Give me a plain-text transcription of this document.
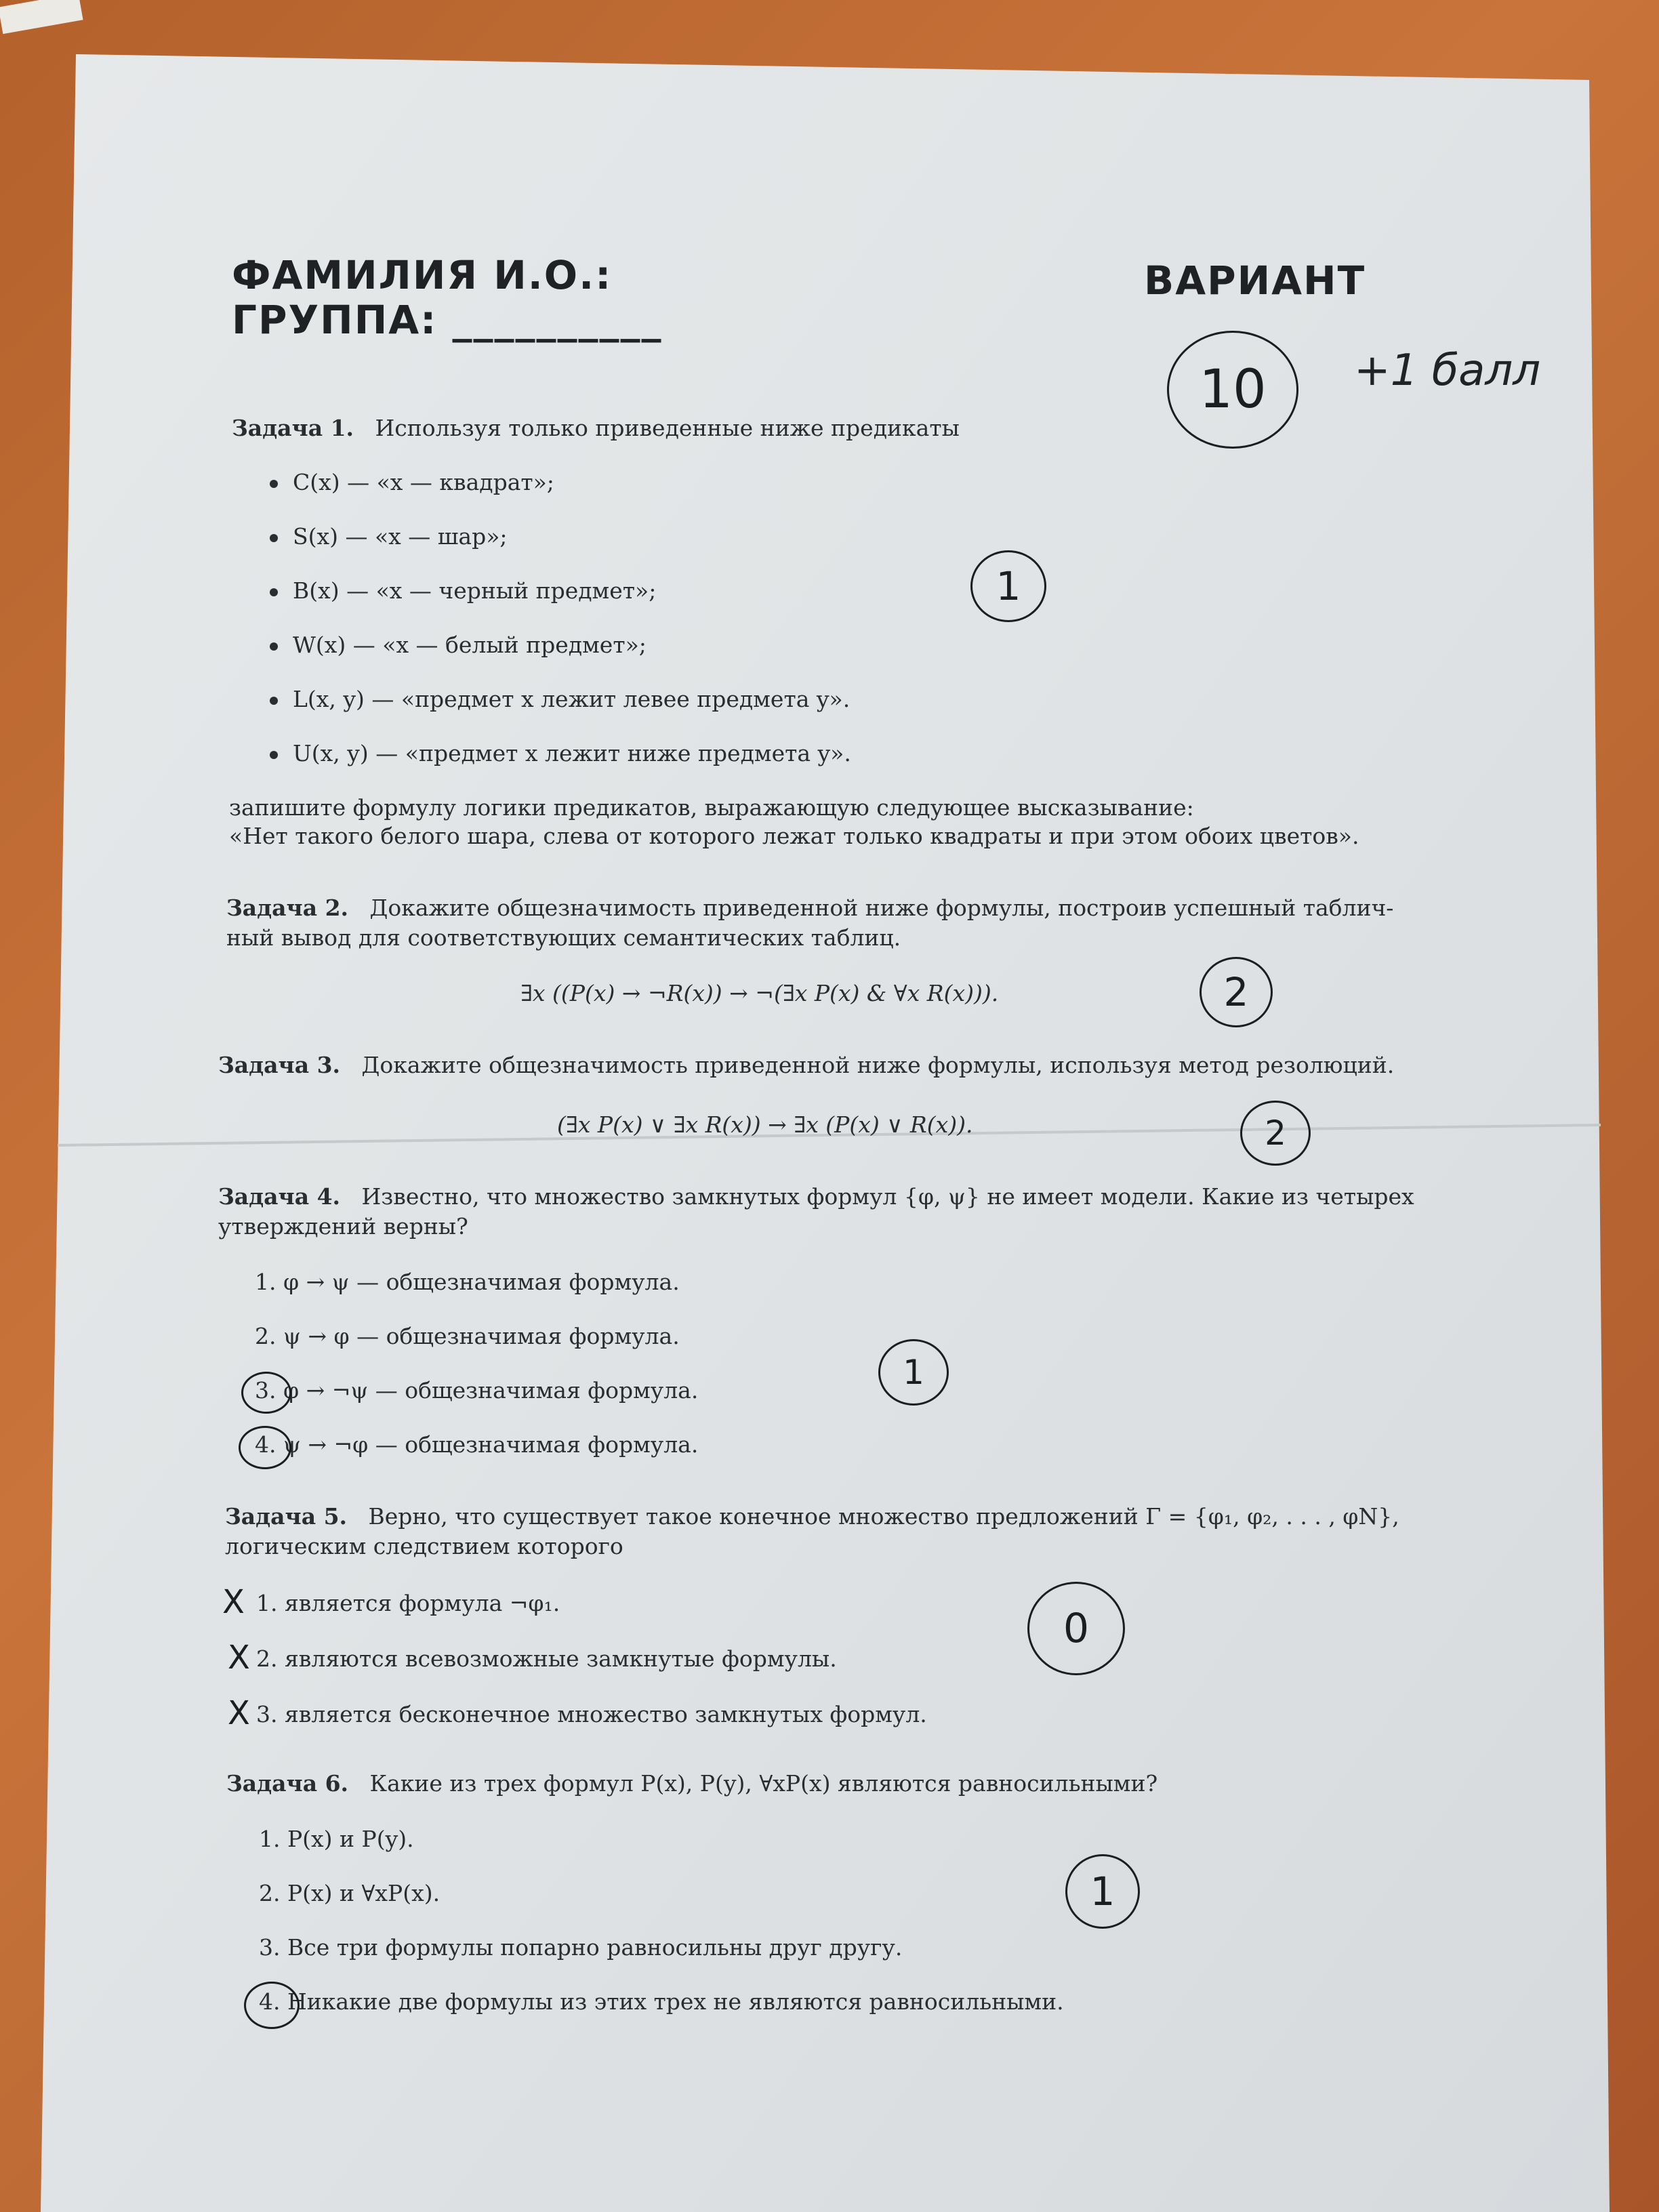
ФАМИЛИЯ И.О.:
ГРУППА: __________
ВАРИАНТ
10 +1 балл
Задача 1. Используя только приведенные ниже предикаты
C(x) — «x — квадрат»;
S(x) — «x — шар»;
B(x) — «x — черный предмет»;
W(x) — «x — белый предмет»;
L(x, y) — «предмет x лежит левее предмета y».
U(x, y) — «предмет x лежит ниже предмета y».
запишите формулу логики предикатов, выражающую следующее высказывание:
«Нет такого белого шара, слева от которого лежат только квадраты и при этом обоих цветов».
1
Задача 2. Докажите общезначимость приведенной ниже формулы, построив успешный таблич-
ный вывод для соответствующих семантических таблиц.
∃x ((P(x) → ¬R(x)) → ¬(∃x P(x) & ∀x R(x))).	2
Задача 3. Докажите общезначимость приведенной ниже формулы, используя метод резолюций.
(∃x P(x) ∨ ∃x R(x)) → ∃x (P(x) ∨ R(x)).	2
Задача 4. Известно, что множество замкнутых формул {φ, ψ} не имеет модели. Какие из четырех
утверждений верны?
1. φ → ψ — общезначимая формула.
2. ψ → φ — общезначимая формула.
3. φ → ¬ψ — общезначимая формула.
4. ψ → ¬φ — общезначимая формула.
1
Задача 5. Верно, что существует такое конечное множество предложений Γ = {φ₁, φ₂, . . . , φN},
логическим следствием которого
X
X
X
1. является формула ¬φ₁.
2. являются всевозможные замкнутые формулы.
3. является бесконечное множество замкнутых формул.
0
Задача 6. Какие из трех формул P(x), P(y), ∀xP(x) являются равносильными?
1. P(x) и P(y).
2. P(x) и ∀xP(x).
3. Все три формулы попарно равносильны друг другу.
4. Никакие две формулы из этих трех не являются равносильными.
1
